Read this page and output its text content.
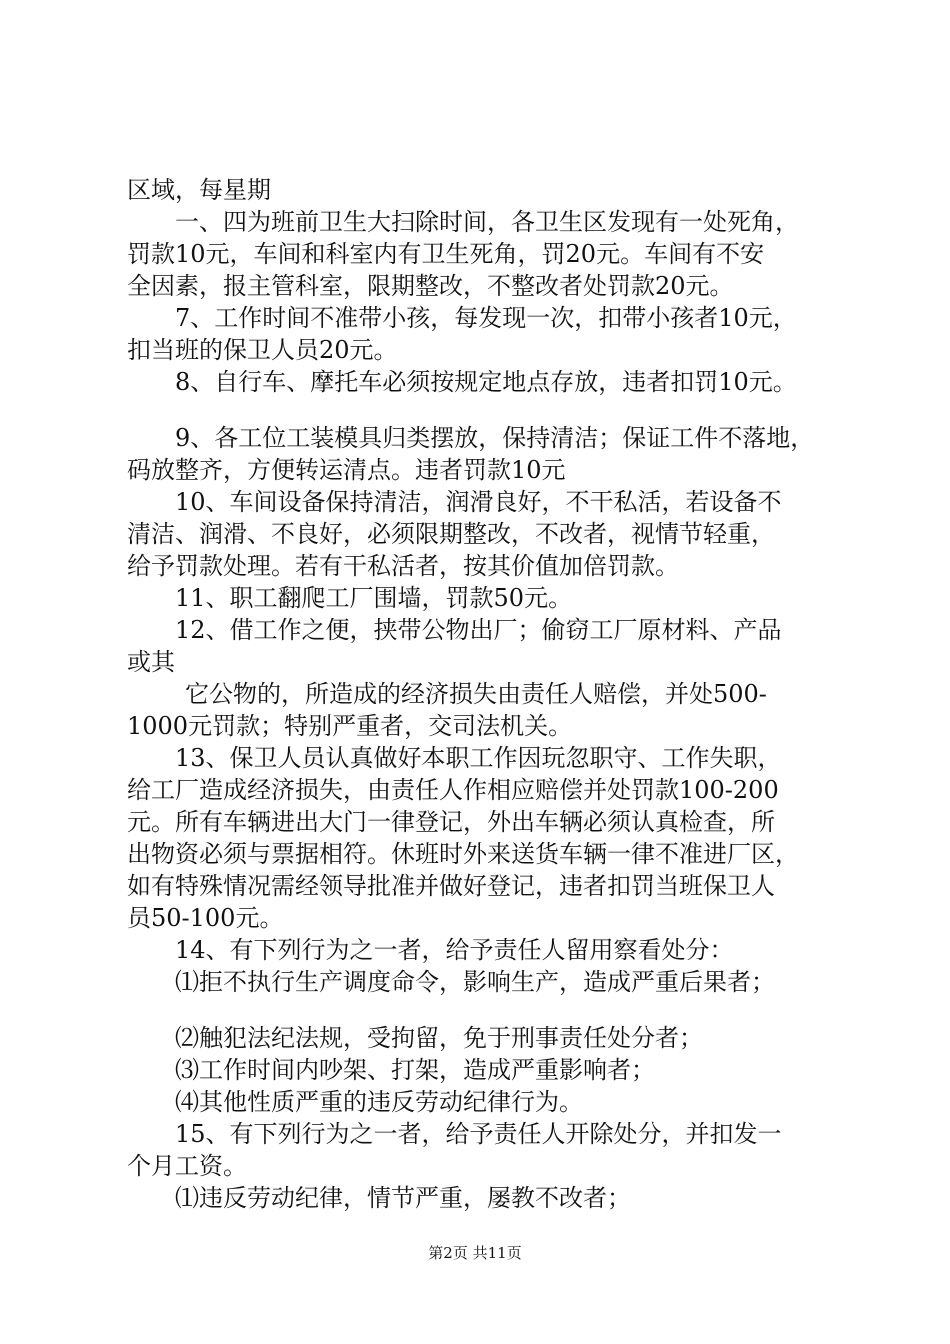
区域，每星期
一、四为班前卫生大扫除时间，各卫生区发现有一处死角，
罚款10元，车间和科室内有卫生死角，罚20元。车间有不安
全因素，报主管科室，限期整改，不整改者处罚款20元。
7、工作时间不准带小孩，每发现一次，扣带小孩者10元，
扣当班的保卫人员20元。
8、自行车、摩托车必须按规定地点存放，违者扣罚10元。
9、各工位工装模具归类摆放，保持清洁；保证工件不落地，
码放整齐，方便转运清点。违者罚款10元
10、车间设备保持清洁，润滑良好，不干私活，若设备不
清洁、润滑、不良好，必须限期整改，不改者，视情节轻重，
给予罚款处理。若有干私活者，按其价值加倍罚款。
11、职工翻爬工厂围墙，罚款50元。
12、借工作之便，挟带公物出厂；偷窃工厂原材料、产品
或其
它公物的，所造成的经济损失由责任人赔偿，并处500-
1000元罚款；特别严重者，交司法机关。
13、保卫人员认真做好本职工作因玩忽职守、工作失职，
给工厂造成经济损失，由责任人作相应赔偿并处罚款100-200
元。所有车辆进出大门一律登记，外出车辆必须认真检查，所
出物资必须与票据相符。休班时外来送货车辆一律不准进厂区，
如有特殊情况需经领导批准并做好登记，违者扣罚当班保卫人
员50-100元。
14、有下列行为之一者，给予责任人留用察看处分：
⑴拒不执行生产调度命令，影响生产，造成严重后果者；
⑵触犯法纪法规，受拘留，免于刑事责任处分者；
⑶工作时间内吵架、打架，造成严重影响者；
⑷其他性质严重的违反劳动纪律行为。
15、有下列行为之一者，给予责任人开除处分，并扣发一
个月工资。
⑴违反劳动纪律，情节严重，屡教不改者；
第2页 共11页
